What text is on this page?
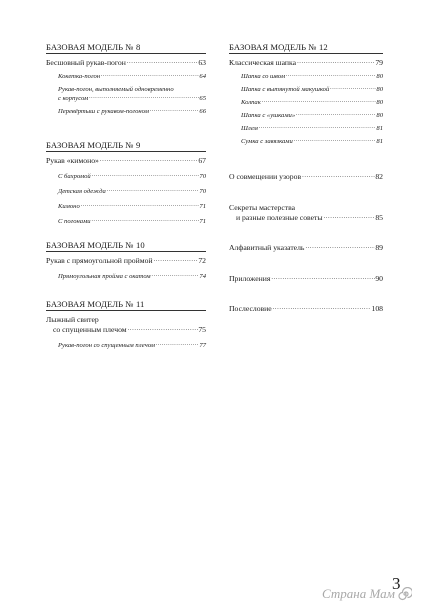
БАЗОВАЯ МОДЕЛЬ № 8
Бесшовный рукав-погон .....	63
Кокетка-погон .....	64
Рукав-погон, выполняемый одновременно
с корпусом .....	65
Перевёртыш с рукавом-погоном .....	66
БАЗОВАЯ МОДЕЛЬ № 9
Рукав «кимоно» .....	67
С бахромой .....	70
Детская одежда .....	70
Кимоно .....	71
С погонами .....	71
БАЗОВАЯ МОДЕЛЬ № 10
Рукав с прямоугольной проймой .....	72
Прямоугольная пройма с окатом .....	74
БАЗОВАЯ МОДЕЛЬ № 11
Лыжный свитер
со спущенным плечом .....	75
Рукав-погон со спущенным плечом .....	77
БАЗОВАЯ МОДЕЛЬ № 12
Классическая шапка .....	79
Шапка со швом .....	80
Шапка с вытянутой макушкой .....	80
Колпак .....	80
Шапка с «ушками» .....	80
Шлем .....	81
Сумка с завязками .....	81
О совмещении узоров .....	82
Секреты мастерства
и разные полезные советы .....	85
Алфавитный указатель .....	89
Приложения .....	90
Послесловие .....	108
3
Страна Мам
